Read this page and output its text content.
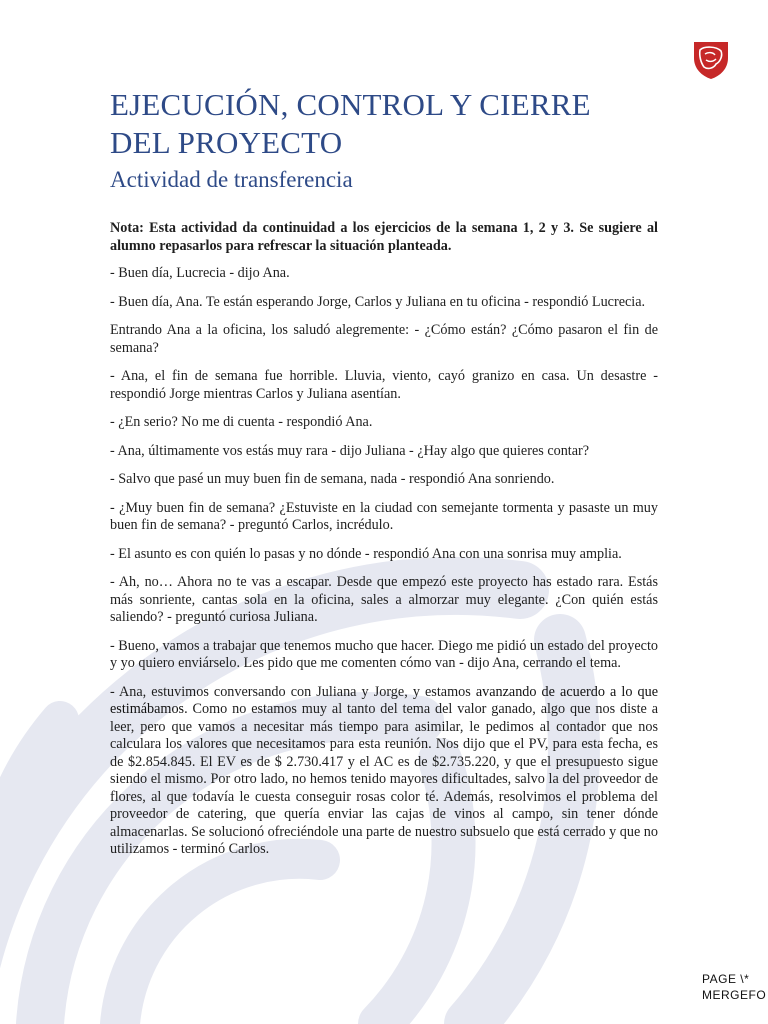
EJECUCIÓN, CONTROL Y CIERRE
DEL PROYECTO
Actividad de transferencia

Nota: Esta actividad da continuidad a los ejercicios de la semana 1, 2 y 3. Se sugiere al alumno repasarlos para refrescar la situación planteada.

- Buen día, Lucrecia - dijo Ana.

- Buen día, Ana. Te están esperando Jorge, Carlos y Juliana en tu oficina - respondió Lucrecia.

Entrando Ana a la oficina, los saludó alegremente: - ¿Cómo están? ¿Cómo pasaron el fin de semana?

- Ana, el fin de semana fue horrible. Lluvia, viento, cayó granizo en casa. Un desastre - respondió Jorge mientras Carlos y Juliana asentían.

- ¿En serio? No me di cuenta - respondió Ana.

- Ana, últimamente vos estás muy rara - dijo Juliana - ¿Hay algo que quieres contar?

- Salvo que pasé un muy buen fin de semana, nada - respondió Ana sonriendo.

- ¿Muy buen fin de semana? ¿Estuviste en la ciudad con semejante tormenta y pasaste un muy buen fin de semana? - preguntó Carlos, incrédulo.

- El asunto es con quién lo pasas y no dónde - respondió Ana con una sonrisa muy amplia.

- Ah, no… Ahora no te vas a escapar. Desde que empezó este proyecto has estado rara. Estás más sonriente, cantas sola en la oficina, sales a almorzar muy elegante. ¿Con quién estás saliendo? - preguntó curiosa Juliana.

- Bueno, vamos a trabajar que tenemos mucho que hacer. Diego me pidió un estado del proyecto y yo quiero enviárselo. Les pido que me comenten cómo van - dijo Ana, cerrando el tema.

- Ana, estuvimos conversando con Juliana y Jorge, y estamos avanzando de acuerdo a lo que estimábamos. Como no estamos muy al tanto del tema del valor ganado, algo que nos diste a leer, pero que vamos a necesitar más tiempo para asimilar, le pedimos al contador que nos calculara los valores que necesitamos para esta reunión. Nos dijo que el PV, para esta fecha, es de $2.854.845. El EV es de $ 2.730.417 y el AC es de $2.735.220, y que el presupuesto sigue siendo el mismo. Por otro lado, no hemos tenido mayores dificultades, salvo la del proveedor de flores, al que todavía le cuesta conseguir rosas color té. Además, resolvimos el problema del proveedor de catering, que quería enviar las cajas de vinos al campo, sin tener dónde almacenarlas. Se solucionó ofreciéndole una parte de nuestro subsuelo que está cerrado y que no utilizamos - terminó Carlos.

PAGE \*
MERGEFO
